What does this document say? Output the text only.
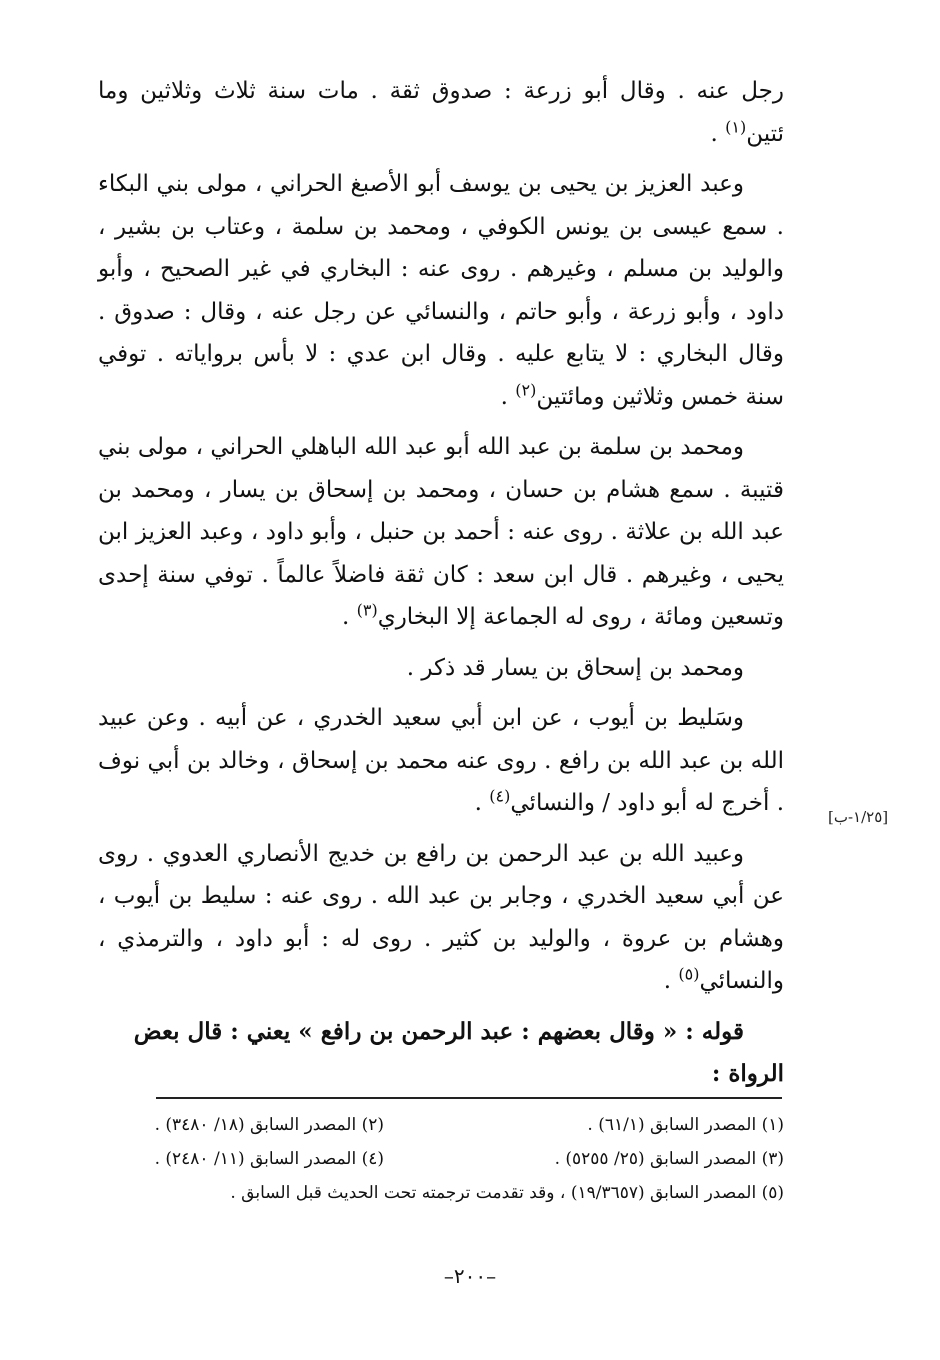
رجل عنه . وقال أبو زرعة : صدوق ثقة . مات سنة ثلاث وثلاثين وما ئتين$^{(١)}$ .

وعبد العزيز بن يحيى بن يوسف أبو الأصبغ الحراني ، مولى بني البكاء . سمع عيسى بن يونس الكوفي ، ومحمد بن سلمة ، وعتاب بن بشير ، والوليد بن مسلم ، وغيرهم . روى عنه : البخاري في غير الصحيح ، وأبو داود ، وأبو زرعة ، وأبو حاتم ، والنسائي عن رجل عنه ، وقال : صدوق . وقال البخاري : لا يتابع عليه . وقال ابن عدي : لا بأس برواياته . توفي سنة خمس وثلاثين ومائتين$^{(٢)}$ .

ومحمد بن سلمة بن عبد الله أبو عبد الله الباهلي الحراني ، مولى بني قتيبة . سمع هشام بن حسان ، ومحمد بن إسحاق بن يسار ، ومحمد بن عبد الله بن علاثة . روى عنه : أحمد بن حنبل ، وأبو داود ، وعبد العزيز ابن يحيى ، وغيرهم . قال ابن سعد : كان ثقة فاضلاً عالماً . توفي سنة إحدى وتسعين ومائة ، روى له الجماعة إلا البخاري$^{(٣)}$ .

ومحمد بن إسحاق بن يسار قد ذكر .

وسَليط بن أيوب ، عن ابن أبي سعيد الخدري ، عن أبيه . وعن عبيد الله بن عبد الله بن رافع . روى عنه محمد بن إسحاق ، وخالد بن أبي نوف . أخرج له أبو داود / والنسائي$^{(٤)}$ .

وعبيد الله بن عبد الرحمن بن رافع بن خديج الأنصاري العدوي . روى عن أبي سعيد الخدري ، وجابر بن عبد الله . روى عنه : سليط بن أيوب ، وهشام بن عروة ، والوليد بن كثير . روى له : أبو داود ، والترمذي ، والنسائي$^{(٥)}$ .

قوله : « وقال بعضهم : عبد الرحمن بن رافع » يعني : قال بعض الرواة :

[١/٢٥-ب]
(١) المصدر السابق (٦١/١) .
(٢) المصدر السابق (١٨/ ٣٤٨٠) .
(٣) المصدر السابق (٢٥/ ٥٢٥٥) .
(٤) المصدر السابق (١١/ ٢٤٨٠) .
(٥) المصدر السابق (١٩/٣٦٥٧) ، وقد تقدمت ترجمته تحت الحديث قبل السابق .
–٢٠٠–
